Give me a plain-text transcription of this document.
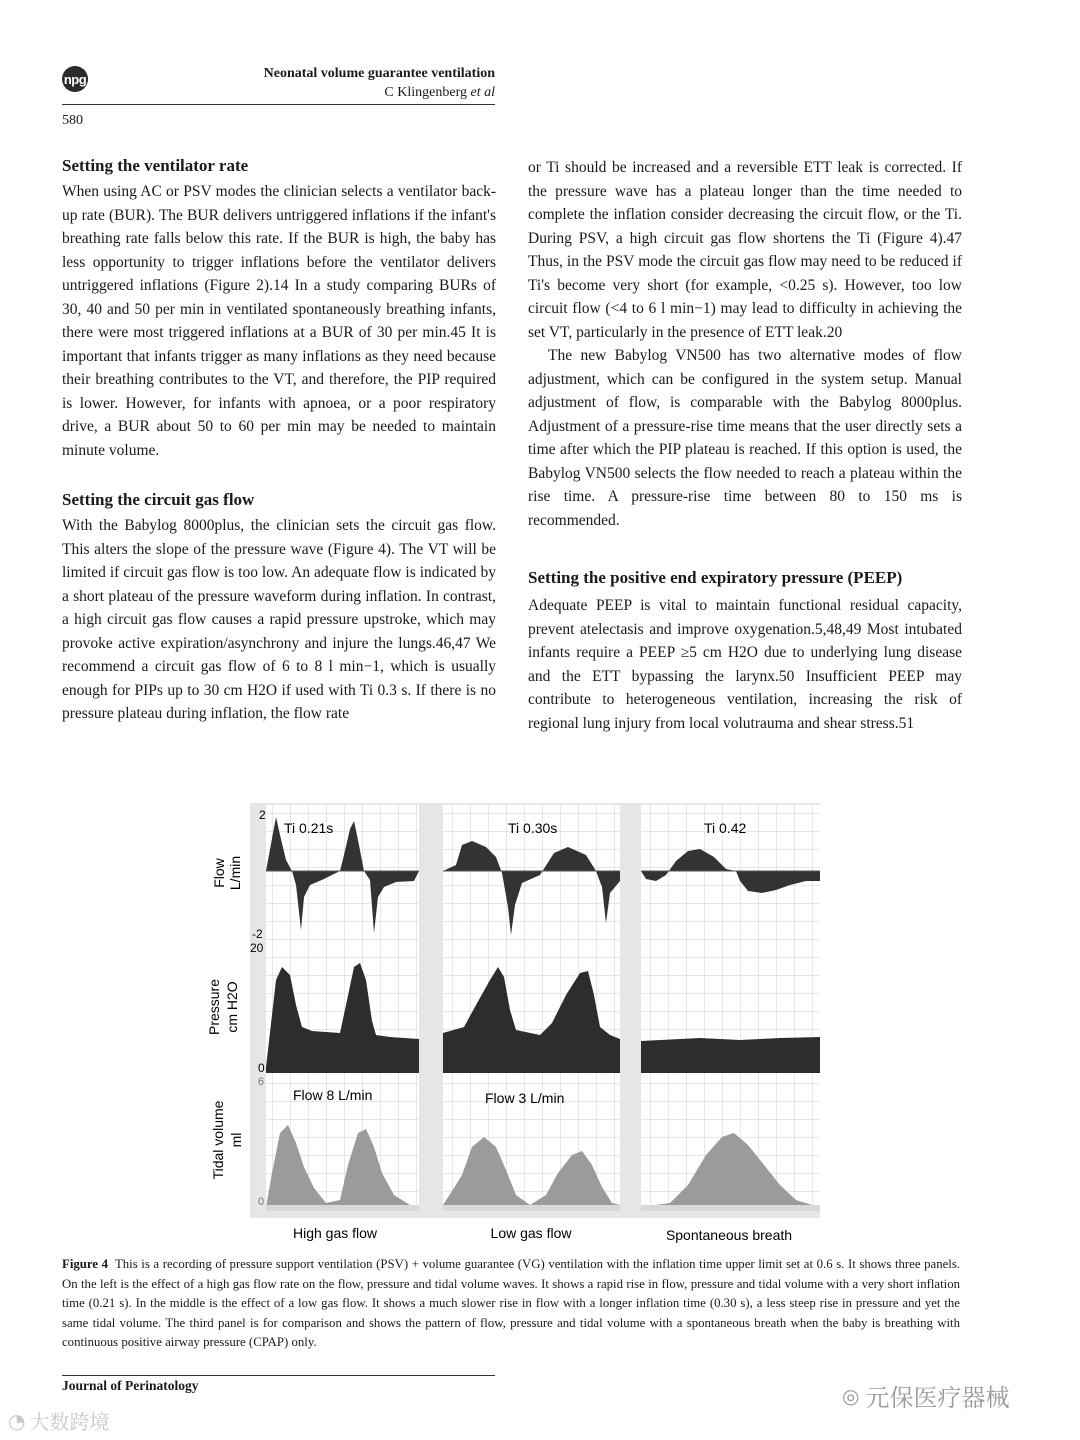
npg	Neonatal volume guarantee ventilation
C Klingenberg et al
580
Setting the ventilator rate

When using AC or PSV modes the clinician selects a ventilator back-up rate (BUR). The BUR delivers untriggered inflations if the infant's breathing rate falls below this rate. If the BUR is high, the baby has less opportunity to trigger inflations before the ventilator delivers untriggered inflations (Figure 2).14 In a study comparing BURs of 30, 40 and 50 per min in ventilated spontaneously breathing infants, there were most triggered inflations at a BUR of 30 per min.45 It is important that infants trigger as many inflations as they need because their breathing contributes to the VT, and therefore, the PIP required is lower. However, for infants with apnoea, or a poor respiratory drive, a BUR about 50 to 60 per min may be needed to maintain minute volume.

Setting the circuit gas flow

With the Babylog 8000plus, the clinician sets the circuit gas flow. This alters the slope of the pressure wave (Figure 4). The VT will be limited if circuit gas flow is too low. An adequate flow is indicated by a short plateau of the pressure waveform during inflation. In contrast, a high circuit gas flow causes a rapid pressure upstroke, which may provoke active expiration/asynchrony and injure the lungs.46,47 We recommend a circuit gas flow of 6 to 8 l min−1, which is usually enough for PIPs up to 30 cm H2O if used with Ti 0.3 s. If there is no pressure plateau during inflation, the flow rate

or Ti should be increased and a reversible ETT leak is corrected. If the pressure wave has a plateau longer than the time needed to complete the inflation consider decreasing the circuit flow, or the Ti. During PSV, a high circuit gas flow shortens the Ti (Figure 4).47 Thus, in the PSV mode the circuit gas flow may need to be reduced if Ti's become very short (for example, <0.25 s). However, too low circuit flow (<4 to 6 l min−1) may lead to difficulty in achieving the set VT, particularly in the presence of ETT leak.20

The new Babylog VN500 has two alternative modes of flow adjustment, which can be configured in the system setup. Manual adjustment of flow, is comparable with the Babylog 8000plus. Adjustment of a pressure-rise time means that the user directly sets a time after which the PIP plateau is reached. If this option is used, the Babylog VN500 selects the flow needed to reach a plateau within the rise time. A pressure-rise time between 80 to 150 ms is recommended.

Setting the positive end expiratory pressure (PEEP)

Adequate PEEP is vital to maintain functional residual capacity, prevent atelectasis and improve oxygenation.5,48,49 Most intubated infants require a PEEP ≥5 cm H2O due to underlying lung disease and the ETT bypassing the larynx.50 Insufficient PEEP may contribute to heterogeneous ventilation, increasing the risk of regional lung injury from local volutrauma and shear stress.51

2
-2
20
0
6
0
Flow L/min
Pressure cm H2O
Tidal volume ml
Ti 0.21s	Ti 0.30s	Ti 0.42
Flow 8 L/min	Flow 3 L/min
High gas flow	Low gas flow	Spontaneous breath
Figure 4 This is a recording of pressure support ventilation (PSV) + volume guarantee (VG) ventilation with the inflation time upper limit set at 0.6 s. It shows three panels. On the left is the effect of a high gas flow rate on the flow, pressure and tidal volume waves. It shows a rapid rise in flow, pressure and tidal volume with a very short inflation time (0.21 s). In the middle is the effect of a low gas flow. It shows a much slower rise in flow with a longer inflation time (0.30 s), a less steep rise in pressure and yet the same tidal volume. The third panel is for comparison and shows the pattern of flow, pressure and tidal volume with a spontaneous breath when the baby is breathing with continuous positive airway pressure (CPAP) only.
Journal of Perinatology	◎ 元保医疗器械
◔ 大数跨境
